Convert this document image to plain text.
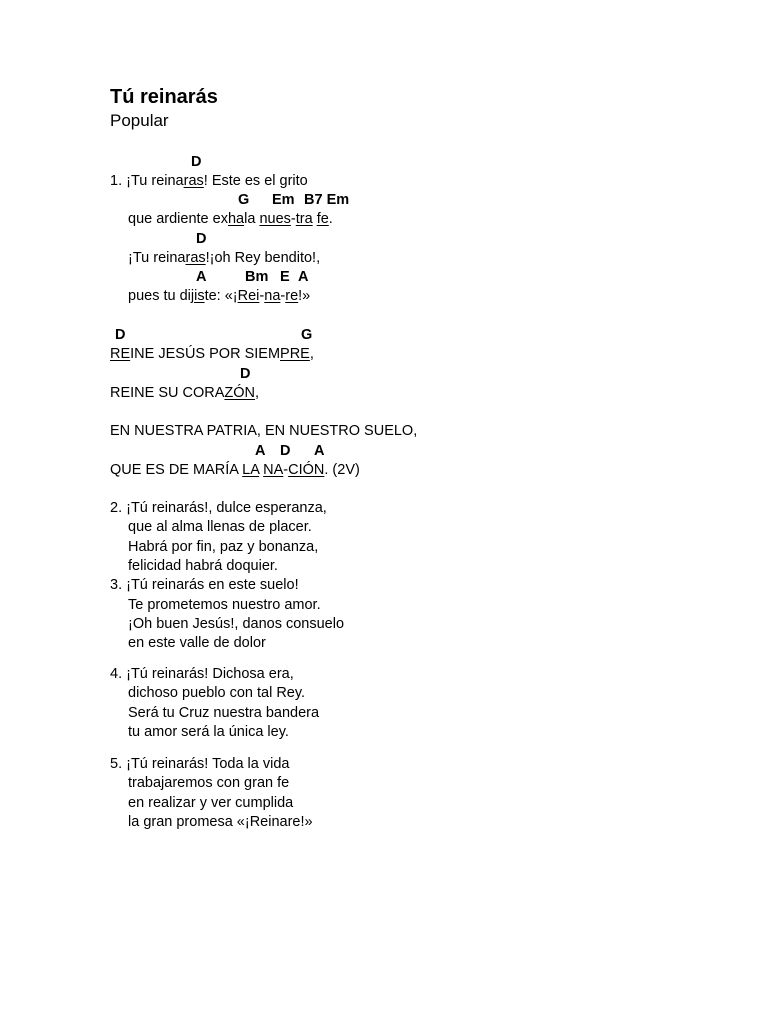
Tú reinarás
Popular
D
1. ¡Tu reinaras! Este es el grito
G Em B7 Em
que ardiente exhala nues-tra fe.
D
¡Tu reinaras!¡oh Rey bendito!,
A	Bm E A
pues tu dijiste: «¡Rei-na-re!»
D	G
REINE JESÚS POR SIEMPRE,
D
REINE SU CORAZÓN,
EN NUESTRA PATRIA, EN NUESTRO SUELO,
A D A
QUE ES DE MARÍA LA NA-CIÓN. (2V)
2. ¡Tú reinarás!, dulce esperanza,
que al alma llenas de placer.
Habrá por fin, paz y bonanza,
felicidad habrá doquier.
3. ¡Tú reinarás en este suelo!
Te prometemos nuestro amor.
¡Oh buen Jesús!, danos consuelo
en este valle de dolor
4. ¡Tú reinarás! Dichosa era,
dichoso pueblo con tal Rey.
Será tu Cruz nuestra bandera
tu amor será la única ley.
5. ¡Tú reinarás! Toda la vida
trabajaremos con gran fe
en realizar y ver cumplida
la gran promesa «¡Reinare!»
